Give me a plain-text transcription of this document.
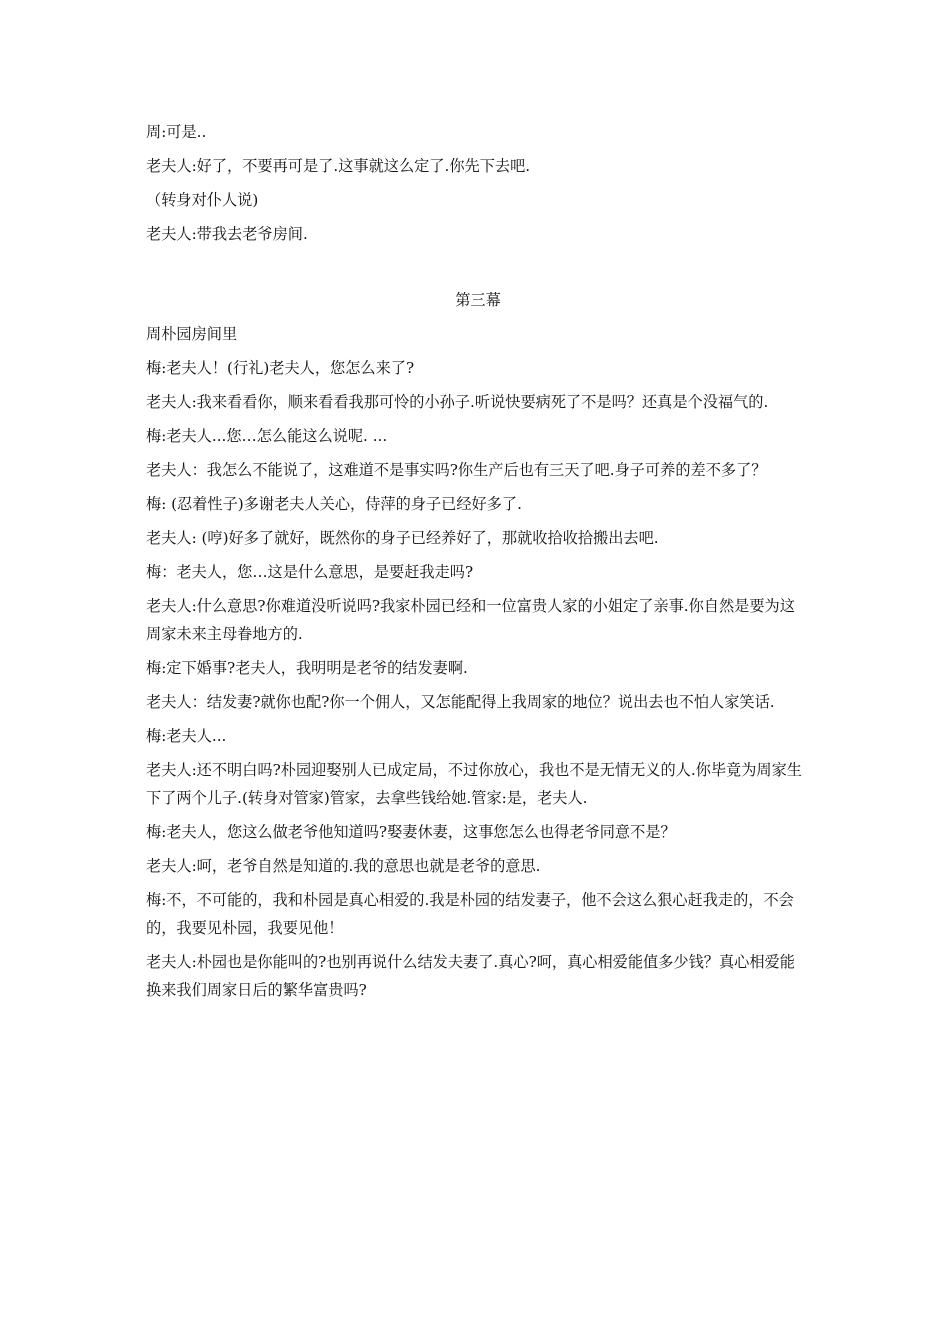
周:可是..

老夫人:好了，不要再可是了.这事就这么定了.你先下去吧.

（转身对仆人说)

老夫人:带我去老爷房间.

第三幕

周朴园房间里

梅:老夫人！(行礼)老夫人，您怎么来了?

老夫人:我来看看你，顺来看看我那可怜的小孙子.听说快要病死了不是吗？还真是个没福气的.

梅:老夫人...您…怎么能这么说呢. ...

老夫人：我怎么不能说了，这难道不是事实吗?你生产后也有三天了吧.身子可养的差不多了？

梅: (忍着性子)多谢老夫人关心，侍萍的身子已经好多了.

老夫人: (哼)好多了就好，既然你的身子已经养好了，那就收拾收拾搬出去吧.

梅：老夫人，您…这是什么意思，是要赶我走吗?

老夫人:什么意思?你难道没听说吗?我家朴园已经和一位富贵人家的小姐定了亲事.你自然是要为这周家未来主母眷地方的.

梅:定下婚事?老夫人，我明明是老爷的结发妻啊.

老夫人：结发妻?就你也配?你一个佣人，又怎能配得上我周家的地位？说出去也不怕人家笑话.

梅:老夫人...

老夫人:还不明白吗?朴园迎娶别人已成定局，不过你放心，我也不是无情无义的人.你毕竟为周家生下了两个儿子.(转身对管家)管家，去拿些钱给她.管家:是，老夫人.

梅:老夫人，您这么做老爷他知道吗?娶妻休妻，这事您怎么也得老爷同意不是？

老夫人:呵，老爷自然是知道的.我的意思也就是老爷的意思.

梅:不，不可能的，我和朴园是真心相爱的.我是朴园的结发妻子，他不会这么狠心赶我走的，不会的，我要见朴园，我要见他！

老夫人:朴园也是你能叫的?也别再说什么结发夫妻了.真心?呵，真心相爱能值多少钱？真心相爱能换来我们周家日后的繁华富贵吗?
